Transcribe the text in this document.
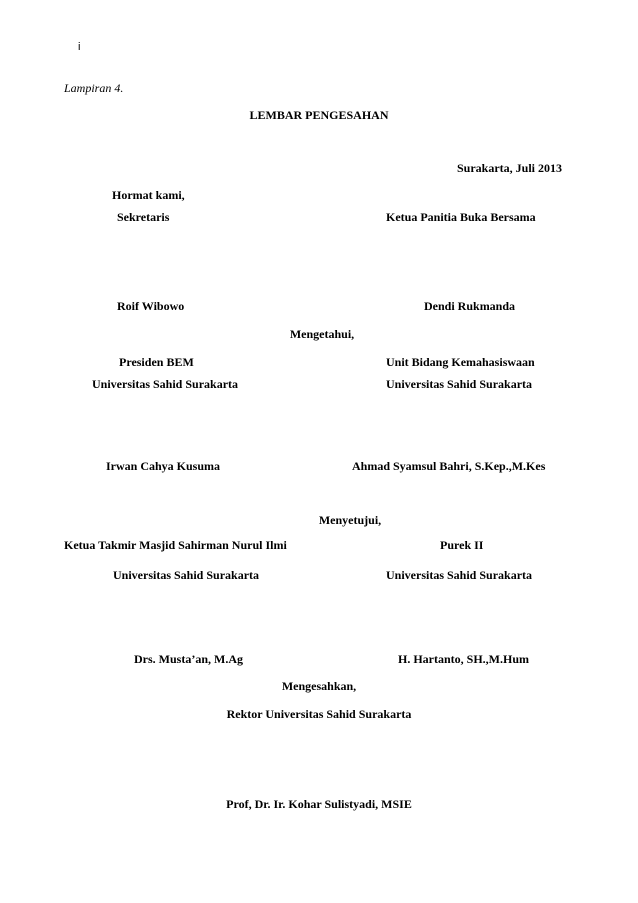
i
Lampiran 4.
LEMBAR PENGESAHAN
Surakarta, Juli 2013
Hormat kami,
Sekretaris	Ketua Panitia Buka Bersama
Roif Wibowo	Dendi Rukmanda
Mengetahui,
Presiden BEM	Unit Bidang Kemahasiswaan
Universitas Sahid Surakarta	Universitas Sahid Surakarta
Irwan Cahya Kusuma	Ahmad Syamsul Bahri, S.Kep.,M.Kes
Menyetujui,
Ketua Takmir Masjid Sahirman Nurul Ilmi	Purek II
Universitas Sahid Surakarta	Universitas Sahid Surakarta
Drs. Musta’an, M.Ag	H. Hartanto, SH.,M.Hum
Mengesahkan,
Rektor Universitas Sahid Surakarta
Prof, Dr. Ir. Kohar Sulistyadi, MSIE
